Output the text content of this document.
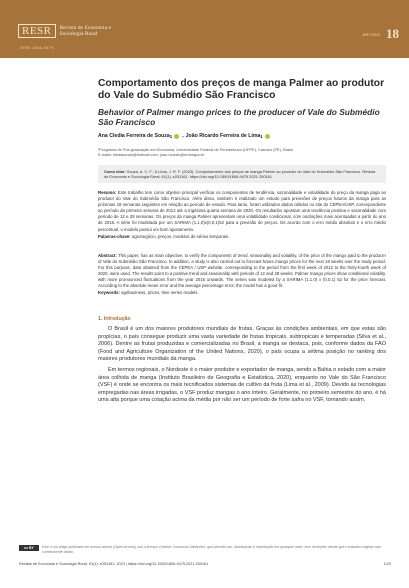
RESR	Revista de Economia e Sociologia Rural
ISSN 1806-9479
ARTIGO 18
Comportamento dos preços de manga Palmer ao produtor do Vale do Submédio São Francisco
Behavior of Palmer mango prices to the producer of Vale do Submédio São Francisco
Ana Cledia Ferreira de Souza 1 , João Ricardo Ferreira de Lima 1

¹Programa de Pós-graduação em Economia, Universidade Federal de Pernambuco (UFPE), Caruaru (PE), Brasil.

E-mails: kledasouza@hotmail.com; joao.ricardo@embrapa.br

Como citar: Souza, A. C. F., & Lima, J. R. F. (2023). Comportamento dos preços de manga Palmer ao produtor do Vale do Submédio São Francisco. Revista de Economia e Sociologia Rural, 61(1), e251161. https://doi.org/10.1590/1806-9479.2021.250161

Resumo: Este trabalho tem como objetivo principal verificar os componentes de tendência, sazonalidade e volatilidade do preço da manga paga ao produtor do Vale do Submédio São Francisco. Além disso, também é realizado um estudo para previsões de preços futuros da manga para as próximas 18 semanas seguintes em relação ao período de estudo. Para tanto, foram utilizados dados obtidos no site do CEPEA/USP, correspondente ao período da primeira semana de 2012 até a trigésima quarta semana de 2020. Os resultados apontam uma tendência positiva e sazonalidade com período de 12 e 28 semanas. Os preços da manga Palmer apresentam uma volatilidade condicional, com oscilações mais acentuadas a partir do ano de 2016. A série foi modelada por um SARIMA (1,1,0)x(0,0,1)52 para a previsão de preços. De acordo com o erro médio absoluto e o erro médio percentual, o modelo possui um bom ajustamento.

Palavras-chave: agronegócio, preços, modelos de séries temporais.

Abstract: This paper, has as main objective, to verify the components of trend, seasonality and volatility, of the price of the mango paid to the producer of Vale do Submédio São Francisco. In addition, a study is also carried out to forecast future mango prices for the next 18 weeks over the study period. For this purpose, data obtained from the CEPEA / USP website, corresponding to the period from the first week of 2012 to the thirty-fourth week of 2020, were used. The results point to a positive trend and seasonality with periods of 12 and 28 weeks. Palmer mango prices show conditional volatility, with more pronounced fluctuations from the year 2016 onwards. The series was modeled by a SARIMA (1.1.0) x (0.0.1) 52 for the price forecast. According to the absolute mean error and the average percentage error, the model has a good fit.

Keywords: agribusiness, prices, time series models.

1. Introdução

O Brasil é um dos maiores produtores mundiais de frutas. Graças às condições ambientais, em que estas são propícias, o país consegue produzir uma vasta variedade de frutas tropicais, subtropicais e temperadas (Silva et al., 2006). Dentre as frutas produzidas e comercializadas no Brasil, a manga se destaca, pois, conforme dados da FAO (Food and Agriculture Organization of the United Nations, 2020), o país ocupa a sétima posição no ranking dos maiores produtores mundiais da manga.

Em termos regionais, o Nordeste é o maior produtor e exportador de manga, sendo a Bahia o estado com a maior área colhida de manga (Instituto Brasileiro de Geografia e Estatística, 2020), enquanto no Vale do São Francisco (VSF) é onde se encontra os mais tecnificados sistemas de cultivo da fruta (Lima et al., 2009). Devido às tecnologias empregadas nas áreas irrigadas, o VSF produz mangas o ano inteiro. Geralmente, no primeiro semestre do ano, é há uma alta porque uma cotação acima da média por não ser um período de forte safra no VSF, tornando assim,

cc BY	Este é um artigo publicado em acesso aberto (Open Access) sob a licença Creative Commons Attribution, que permite uso, distribuição e reprodução em qualquer meio, sem restrições desde que o trabalho original seja corretamente citado.
Revista de Economia e Sociologia Rural, 61(1): e251161, 2023 | https://doi.org/10.1590/1806-9479.2021.250161	1/20
